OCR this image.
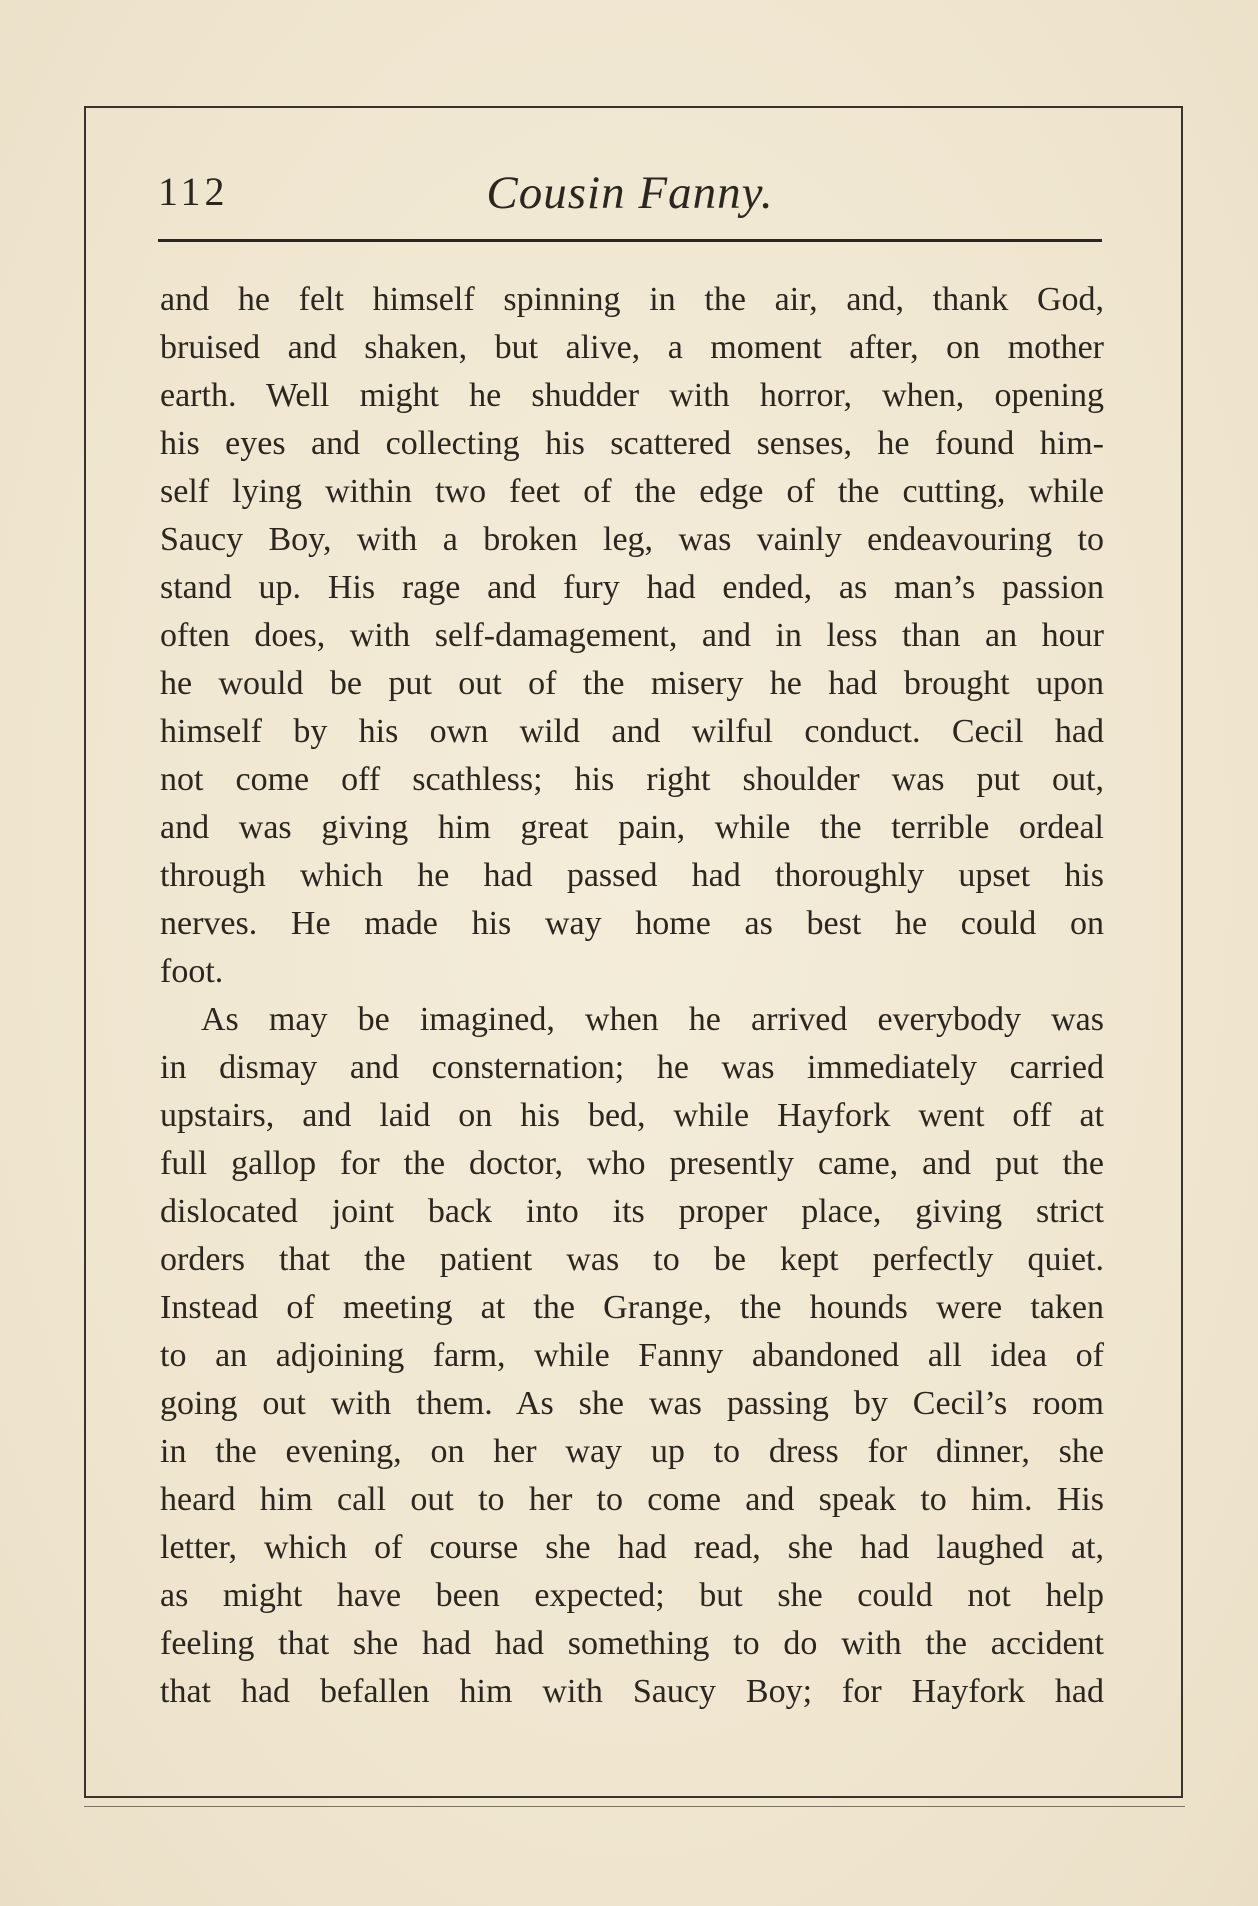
112	Cousin Fanny.
and he felt himself spinning in the air, and, thank God,
bruised and shaken, but alive, a moment after, on mother
earth. Well might he shudder with horror, when, opening
his eyes and collecting his scattered senses, he found him-
self lying within two feet of the edge of the cutting, while
Saucy Boy, with a broken leg, was vainly endeavouring to
stand up. His rage and fury had ended, as man’s passion
often does, with self-damagement, and in less than an hour
he would be put out of the misery he had brought upon
himself by his own wild and wilful conduct. Cecil had
not come off scathless; his right shoulder was put out,
and was giving him great pain, while the terrible ordeal
through which he had passed had thoroughly upset his
nerves. He made his way home as best he could on
foot.
As may be imagined, when he arrived everybody was
in dismay and consternation; he was immediately carried
upstairs, and laid on his bed, while Hayfork went off at
full gallop for the doctor, who presently came, and put the
dislocated joint back into its proper place, giving strict
orders that the patient was to be kept perfectly quiet.
Instead of meeting at the Grange, the hounds were taken
to an adjoining farm, while Fanny abandoned all idea of
going out with them. As she was passing by Cecil’s room
in the evening, on her way up to dress for dinner, she
heard him call out to her to come and speak to him. His
letter, which of course she had read, she had laughed at,
as might have been expected; but she could not help
feeling that she had had something to do with the accident
that had befallen him with Saucy Boy; for Hayfork had
